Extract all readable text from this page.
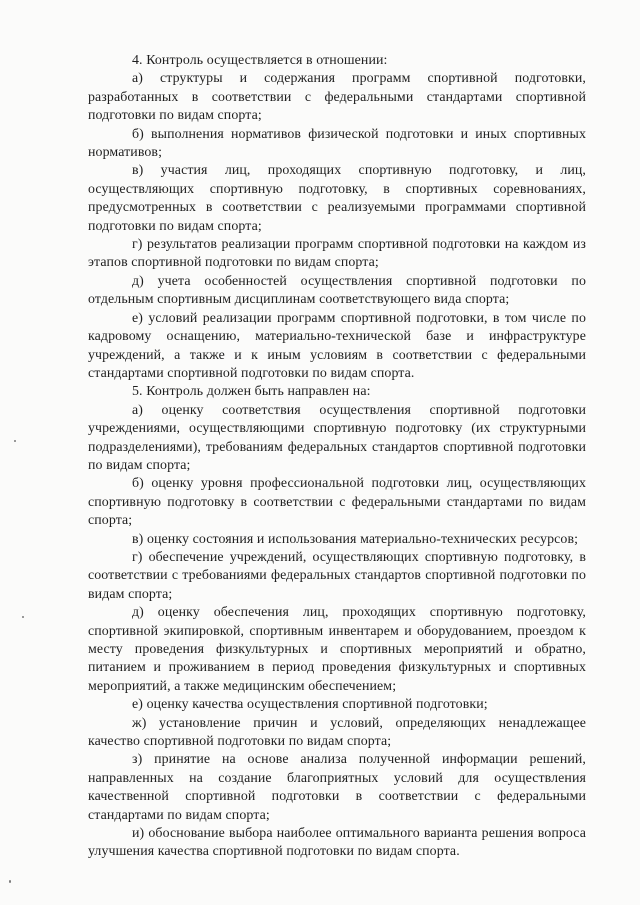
4. Контроль осуществляется в отношении:

а) структуры и содержания программ спортивной подготовки, разработанных в соответствии с федеральными стандартами спортивной подготовки по видам спорта;

б) выполнения нормативов физической подготовки и иных спортивных нормативов;

в) участия лиц, проходящих спортивную подготовку, и лиц, осуществляющих спортивную подготовку, в спортивных соревнованиях, предусмотренных в соответствии с реализуемыми программами спортивной подготовки по видам спорта;

г) результатов реализации программ спортивной подготовки на каждом из этапов спортивной подготовки по видам спорта;

д) учета особенностей осуществления спортивной подготовки по отдельным спортивным дисциплинам соответствующего вида спорта;

е) условий реализации программ спортивной подготовки, в том числе по кадровому оснащению, материально-технической базе и инфраструктуре учреждений, а также и к иным условиям в соответствии с федеральными стандартами спортивной подготовки по видам спорта.

5. Контроль должен быть направлен на:

а) оценку соответствия осуществления спортивной подготовки учреждениями, осуществляющими спортивную подготовку (их структурными подразделениями), требованиям федеральных стандартов спортивной подготовки по видам спорта;

б) оценку уровня профессиональной подготовки лиц, осуществляющих спортивную подготовку в соответствии с федеральными стандартами по видам спорта;

в) оценку состояния и использования материально-технических ресурсов;

г) обеспечение учреждений, осуществляющих спортивную подготовку, в соответствии с требованиями федеральных стандартов спортивной подготовки по видам спорта;

д) оценку обеспечения лиц, проходящих спортивную подготовку, спортивной экипировкой, спортивным инвентарем и оборудованием, проездом к месту проведения физкультурных и спортивных мероприятий и обратно, питанием и проживанием в период проведения физкультурных и спортивных мероприятий, а также медицинским обеспечением;

е) оценку качества осуществления спортивной подготовки;

ж) установление причин и условий, определяющих ненадлежащее качество спортивной подготовки по видам спорта;

з) принятие на основе анализа полученной информации решений, направленных на создание благоприятных условий для осуществления качественной спортивной подготовки в соответствии с федеральными стандартами по видам спорта;

и) обоснование выбора наиболее оптимального варианта решения вопроса улучшения качества спортивной подготовки по видам спорта.
